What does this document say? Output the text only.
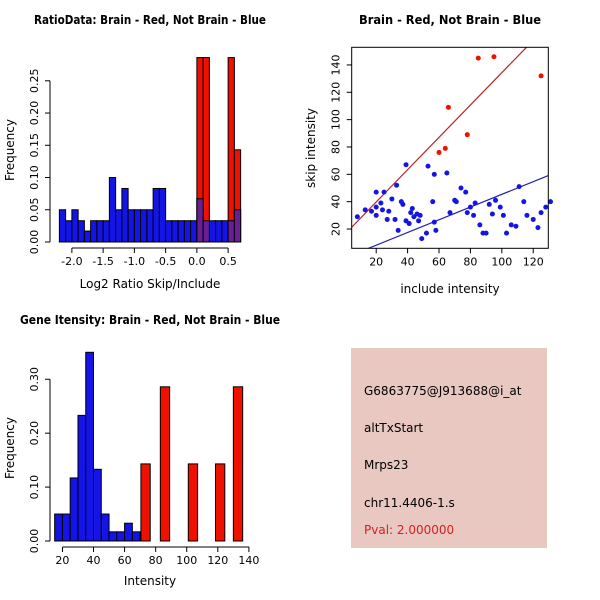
RatioData: Brain - Red, Not Brain - Blue
Log2 Ratio Skip/Include
Frequency
-2.0 -1.5 -1.0 -0.5 0.0 0.5
0.00
0.05
0.10
0.15
0.20
0.25
Brain - Red, Not Brain - Blue
include intensity
skip intensity
20 40 60 80 100 120
20
40
60
80
100
120
140
Gene Itensity: Brain - Red, Not Brain - Blue
Intensity
Frequency
20 40 60 80 100 120 140
0.00
0.10
0.20
0.30	G6863775@J913688@i_at
altTxStart
Mrps23
chr11.4406-1.s
Pval: 2.000000
